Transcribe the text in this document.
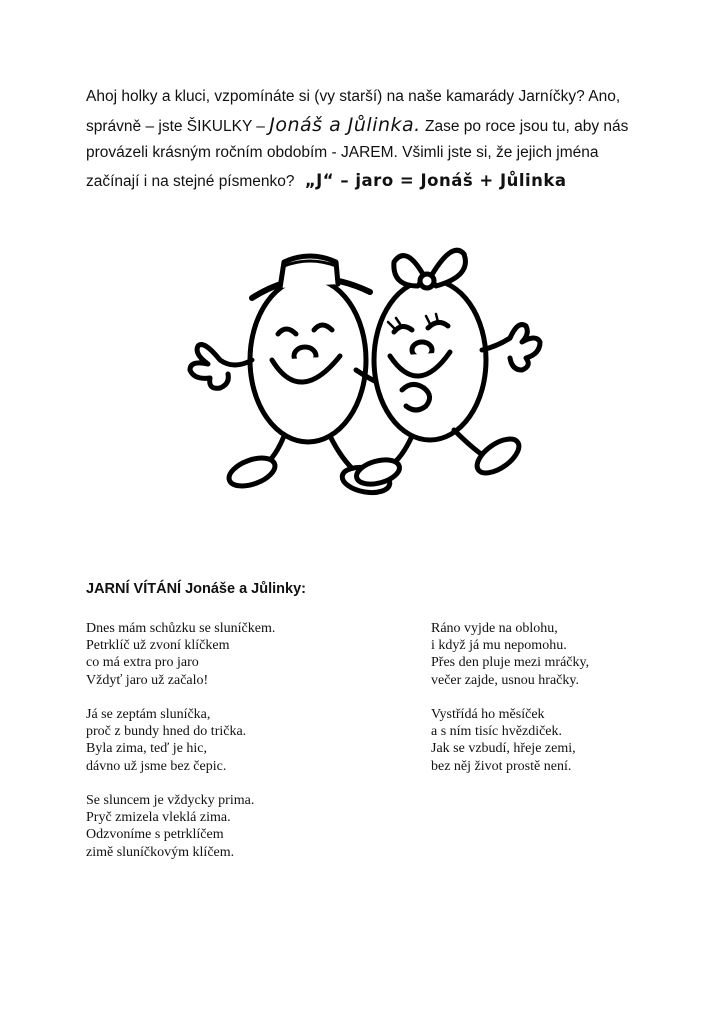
Ahoj holky a kluci, vzpomínáte si (vy starší) na naše kamarády Jarníčky? Ano,
správně – jste ŠIKULKY – Jonáš a Jůlinka. Zase po roce jsou tu, aby nás
provázeli krásným ročním obdobím - JAREM. Všimli jste si, že jejich jména
začínají i na stejné písmenko? „J“ – jaro = Jonáš + Jůlinka
JARNÍ VÍTÁNÍ Jonáše a Jůlinky:
Dnes mám schůzku se sluníčkem.
Petrklíč už zvoní klíčkem
co má extra pro jaro
Vždyť jaro už začalo!
Já se zeptám sluníčka,
proč z bundy hned do trička.
Byla zima, teď je hic,
dávno už jsme bez čepic.
Se sluncem je vždycky prima.
Pryč zmizela vleklá zima.
Odzvoníme s petrklíčem
zimě sluníčkovým klíčem.
Ráno vyjde na oblohu,
i když já mu nepomohu.
Přes den pluje mezi mráčky,
večer zajde, usnou hračky.
Vystřídá ho měsíček
a s ním tisíc hvězdiček.
Jak se vzbudí, hřeje zemi,
bez něj život prostě není.
